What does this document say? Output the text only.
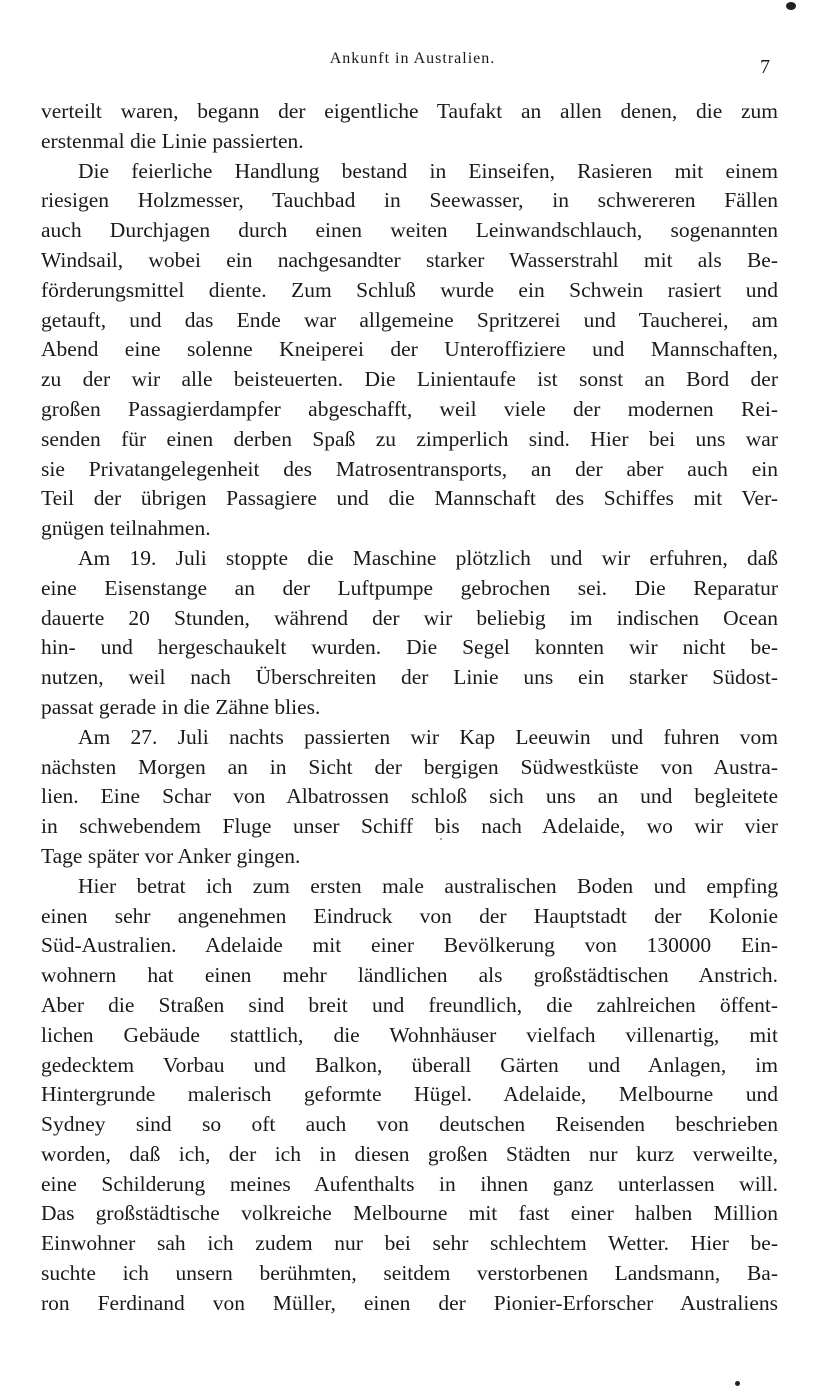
Ankunft in Australien.	7
verteilt waren, begann der eigentliche Taufakt an allen denen, die zum
erstenmal die Linie passierten.
Die feierliche Handlung bestand in Einseifen, Rasieren mit einem
riesigen Holzmesser, Tauchbad in Seewasser, in schwereren Fällen
auch Durchjagen durch einen weiten Leinwandschlauch, sogenannten
Windsail, wobei ein nachgesandter starker Wasserstrahl mit als Be-
förderungsmittel diente. Zum Schluß wurde ein Schwein rasiert und
getauft, und das Ende war allgemeine Spritzerei und Taucherei, am
Abend eine solenne Kneiperei der Unteroffiziere und Mannschaften,
zu der wir alle beisteuerten. Die Linientaufe ist sonst an Bord der
großen Passagierdampfer abgeschafft, weil viele der modernen Rei-
senden für einen derben Spaß zu zimperlich sind. Hier bei uns war
sie Privatangelegenheit des Matrosentransports, an der aber auch ein
Teil der übrigen Passagiere und die Mannschaft des Schiffes mit Ver-
gnügen teilnahmen.
Am 19. Juli stoppte die Maschine plötzlich und wir erfuhren, daß
eine Eisenstange an der Luftpumpe gebrochen sei. Die Reparatur
dauerte 20 Stunden, während der wir beliebig im indischen Ocean
hin- und hergeschaukelt wurden. Die Segel konnten wir nicht be-
nutzen, weil nach Überschreiten der Linie uns ein starker Südost-
passat gerade in die Zähne blies.
Am 27. Juli nachts passierten wir Kap Leeuwin und fuhren vom
nächsten Morgen an in Sicht der bergigen Südwestküste von Austra-
lien. Eine Schar von Albatrossen schloß sich uns an und begleitete
in schwebendem Fluge unser Schiff bis nach Adelaide, wo wir vier
Tage später vor Anker gingen.
Hier betrat ich zum ersten male australischen Boden und empfing
einen sehr angenehmen Eindruck von der Hauptstadt der Kolonie
Süd-Australien. Adelaide mit einer Bevölkerung von 130000 Ein-
wohnern hat einen mehr ländlichen als großstädtischen Anstrich.
Aber die Straßen sind breit und freundlich, die zahlreichen öffent-
lichen Gebäude stattlich, die Wohnhäuser vielfach villenartig, mit
gedecktem Vorbau und Balkon, überall Gärten und Anlagen, im
Hintergrunde malerisch geformte Hügel. Adelaide, Melbourne und
Sydney sind so oft auch von deutschen Reisenden beschrieben
worden, daß ich, der ich in diesen großen Städten nur kurz verweilte,
eine Schilderung meines Aufenthalts in ihnen ganz unterlassen will.
Das großstädtische volkreiche Melbourne mit fast einer halben Million
Einwohner sah ich zudem nur bei sehr schlechtem Wetter. Hier be-
suchte ich unsern berühmten, seitdem verstorbenen Landsmann, Ba-
ron Ferdinand von Müller, einen der Pionier-Erforscher Australiens
